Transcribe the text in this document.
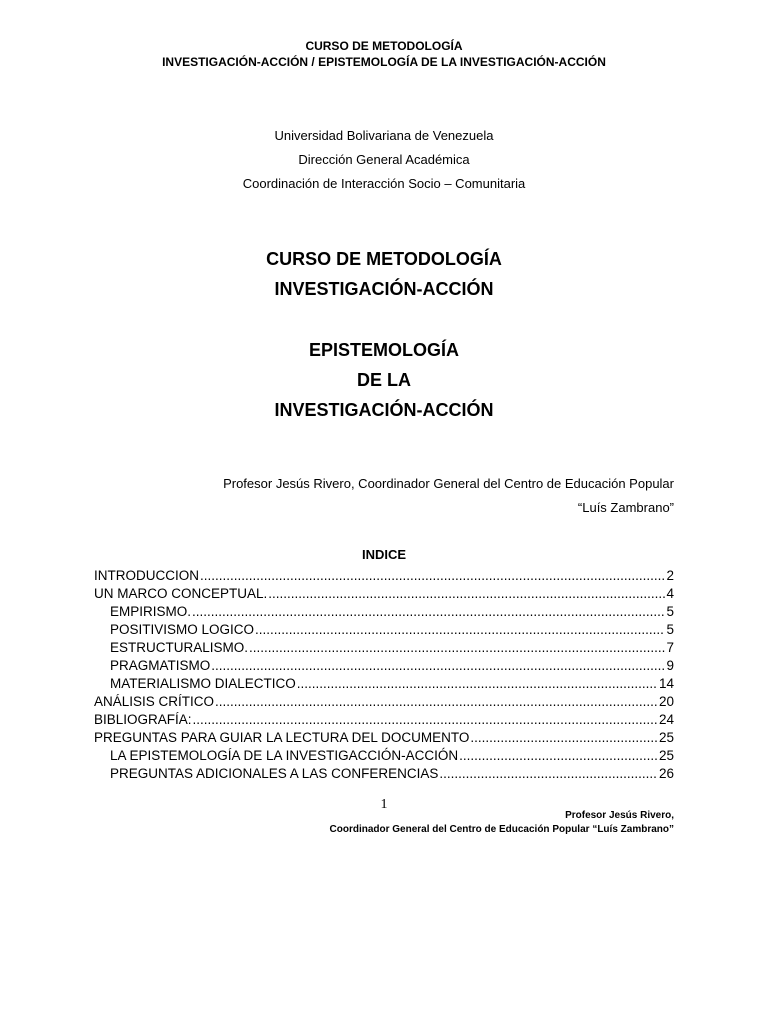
CURSO DE METODOLOGÍA
INVESTIGACIÓN-ACCIÓN / EPISTEMOLOGÍA DE LA INVESTIGACIÓN-ACCIÓN
Universidad Bolivariana de Venezuela
Dirección General Académica
Coordinación de Interacción Socio – Comunitaria
CURSO DE METODOLOGÍA
INVESTIGACIÓN-ACCIÓN
EPISTEMOLOGÍA
DE LA
INVESTIGACIÓN-ACCIÓN
Profesor Jesús Rivero, Coordinador General del Centro de Educación Popular
“Luís Zambrano”
INDICE
INTRODUCCION .....	2
UN MARCO CONCEPTUAL. .....	4
EMPIRISMO. .....	5
POSITIVISMO LOGICO .....	5
ESTRUCTURALISMO. .....	7
PRAGMATISMO .....	9
MATERIALISMO DIALECTICO .....	14
ANÁLISIS CRÍTICO .....	20
BIBLIOGRAFÍA: .....	24
PREGUNTAS PARA GUIAR LA LECTURA DEL DOCUMENTO .....	25
LA EPISTEMOLOGÍA DE LA INVESTIGACCIÓN-ACCIÓN .....	25
PREGUNTAS ADICIONALES A LAS CONFERENCIAS .....	26
1
Profesor Jesús Rivero,
Coordinador General del Centro de Educación Popular “Luís Zambrano”
